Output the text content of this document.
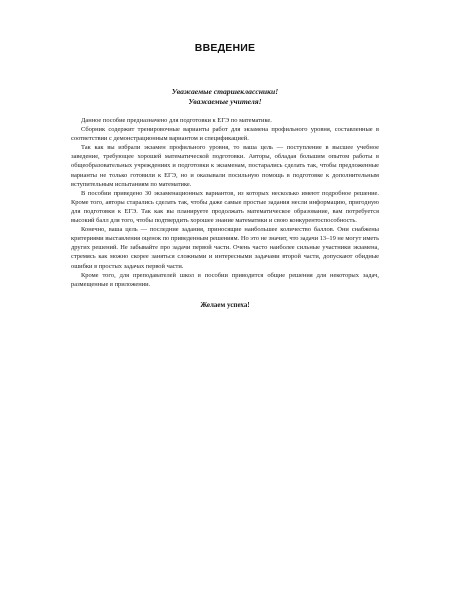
ВВЕДЕНИЕ
Уважаемые старшеклассники!
Уважаемые учителя!

Данное пособие предназначено для подготовки к ЕГЭ по математике.

Сборник содержит тренировочные варианты работ для экзамена профильного уровня, составленные в соответствии с демонстрационным вариантом и спецификацией.

Так как вы избрали экзамен профильного уровня, то ваша цель — поступление в высшее учебное заведение, требующее хорошей математической подготовки. Авторы, обладая большим опытом работы в общеобразовательных учреждениях и подготовки к экзаменам, постарались сделать так, чтобы предложенные варианты не только готовили к ЕГЭ, но и оказывали посильную помощь в подготовке к дополнительным вступительным испытаниям по математике.

В пособии приведено 30 экзаменационных вариантов, из которых несколько имеют подробное решение. Кроме того, авторы старались сделать так, чтобы даже самые простые задания несли информацию, пригодную для подготовки к ЕГЭ. Так как вы планируете продолжать математическое образование, вам потребуется высокий балл для того, чтобы подтвердить хорошее знание математики и свою конкурентоспособность.

Конечно, ваша цель — последние задания, приносящие наибольшее количество баллов. Они снабжены критериями выставления оценок по приведенным решениям. Но это не значит, что задачи 13–19 не могут иметь других решений. Не забывайте про задачи первой части. Очень часто наиболее сильные участники экзамена, стремясь как можно скорее заняться сложными и интересными задачами второй части, допускают обидные ошибки в простых задачах первой части.

Кроме того, для преподавателей школ в пособии приводится общие решения для некоторых задач, размещенные в приложении.

Желаем успеха!
